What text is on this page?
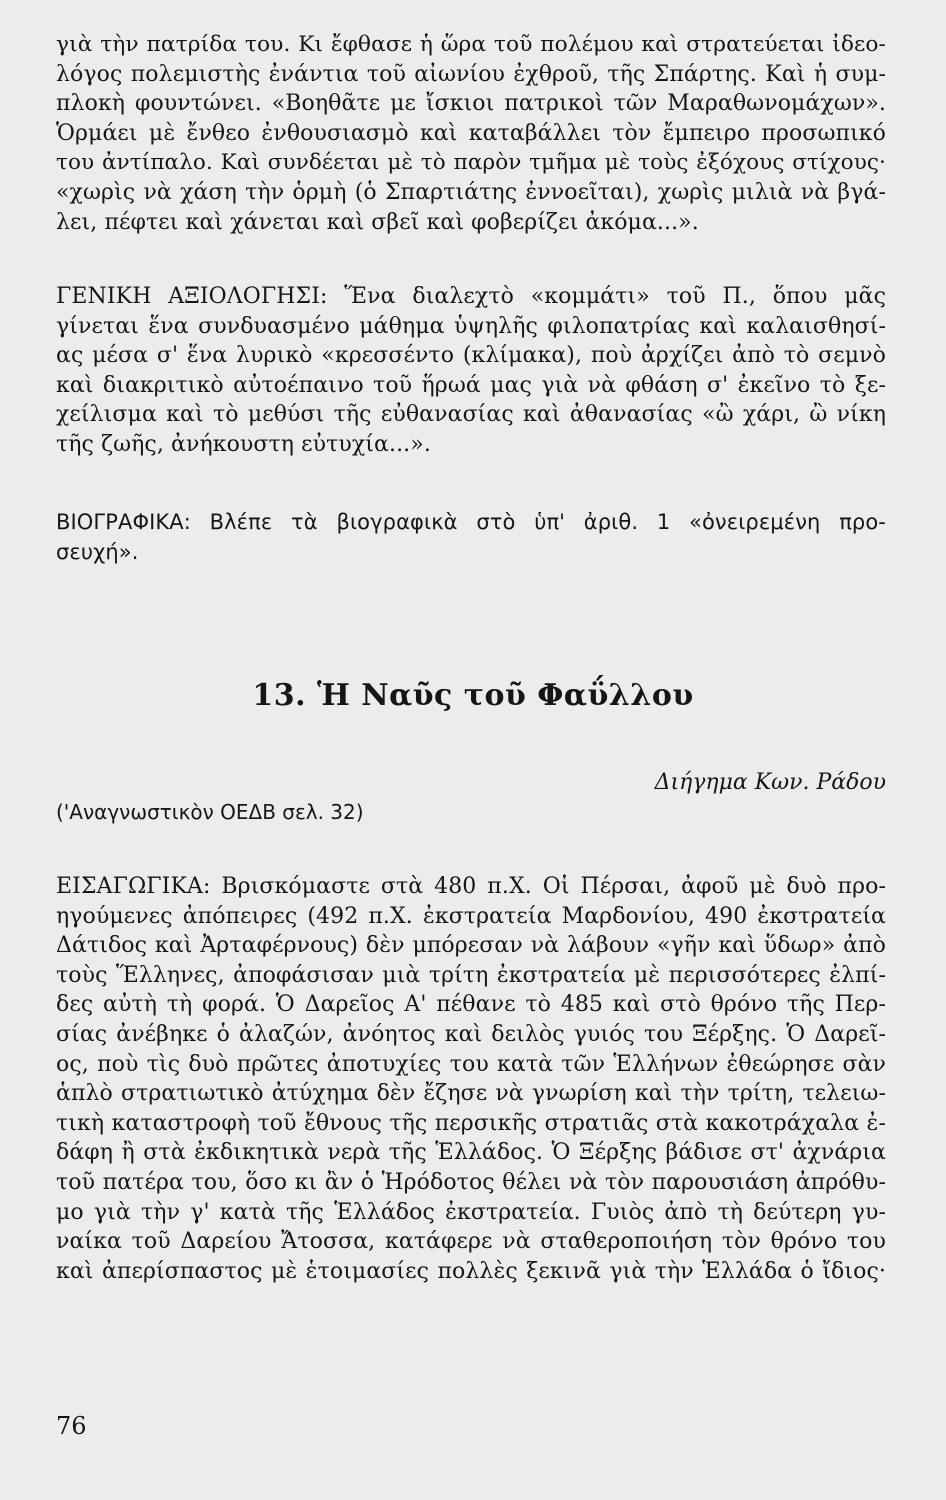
γιὰ τὴν πατρίδα του. Κι ἔφθασε ἡ ὥρα τοῦ πολέμου καὶ στρατεύεται ἰδεο-
λόγος πολεμιστὴς ἐνάντια τοῦ αἰωνίου ἐχθροῦ, τῆς Σπάρτης. Καὶ ἡ συμ-
πλοκὴ φουντώνει. «Βοηθᾶτε με ἴσκιοι πατρικοὶ τῶν Μαραθωνομάχων».
Ὁρμάει μὲ ἔνθεο ἐνθουσιασμὸ καὶ καταβάλλει τὸν ἔμπειρο προσωπικό
του ἀντίπαλο. Καὶ συνδέεται μὲ τὸ παρὸν τμῆμα μὲ τοὺς ἐξόχους στίχους·
«χωρὶς νὰ χάση τὴν ὁρμὴ (ὁ Σπαρτιάτης ἐννοεῖται), χωρὶς μιλιὰ νὰ βγά-
λει, πέφτει καὶ χάνεται καὶ σβεῖ καὶ φοβερίζει ἀκόμα...».
ΓΕΝΙΚΗ ΑΞΙΟΛΟΓΗΣΙ: Ἕνα διαλεχτὸ «κομμάτι» τοῦ Π., ὅπου μᾶς
γίνεται ἕνα συνδυασμένο μάθημα ὑψηλῆς φιλοπατρίας καὶ καλαισθησί-
ας μέσα σ' ἕνα λυρικὸ «κρεσσέντο (κλίμακα), ποὺ ἀρχίζει ἀπὸ τὸ σεμνὸ
καὶ διακριτικὸ αὐτοέπαινο τοῦ ἥρωά μας γιὰ νὰ φθάση σ' ἐκεῖνο τὸ ξε-
χείλισμα καὶ τὸ μεθύσι τῆς εὐθανασίας καὶ ἀθανασίας «ὢ χάρι, ὢ νίκη
τῆς ζωῆς, ἀνήκουστη εὐτυχία...».
ΒΙΟΓΡΑΦΙΚΑ: Βλέπε τὰ βιογραφικὰ στὸ ὑπ' ἀριθ. 1 «ὀνειρεμένη προ-
σευχή».
13. Ἡ Ναῦς τοῦ Φαΰλλου
Διήγημα Κων. Ράδου
('Αναγνωστικὸν ΟΕΔΒ σελ. 32)
ΕΙΣΑΓΩΓΙΚΑ: Βρισκόμαστε στὰ 480 π.Χ. Οἱ Πέρσαι, ἀφοῦ μὲ δυὸ προ-
ηγούμενες ἀπόπειρες (492 π.Χ. ἐκστρατεία Μαρδονίου, 490 ἐκστρατεία
Δάτιδος καὶ Ἀρταφέρνους) δὲν μπόρεσαν νὰ λάβουν «γῆν καὶ ὕδωρ» ἀπὸ
τοὺς Ἕλληνες, ἀποφάσισαν μιὰ τρίτη ἐκστρατεία μὲ περισσότερες ἐλπί-
δες αὐτὴ τὴ φορά. Ὁ Δαρεῖος Α' πέθανε τὸ 485 καὶ στὸ θρόνο τῆς Περ-
σίας ἀνέβηκε ὁ ἀλαζών, ἀνόητος καὶ δειλὸς γυιός του Ξέρξης. Ὁ Δαρεῖ-
ος, ποὺ τὶς δυὸ πρῶτες ἀποτυχίες του κατὰ τῶν Ἑλλήνων ἐθεώρησε σὰν
ἁπλὸ στρατιωτικὸ ἀτύχημα δὲν ἔζησε νὰ γνωρίση καὶ τὴν τρίτη, τελειω-
τικὴ καταστροφὴ τοῦ ἔθνους τῆς περσικῆς στρατιᾶς στὰ κακοτράχαλα ἐ-
δάφη ἢ στὰ ἐκδικητικὰ νερὰ τῆς Ἑλλάδος. Ὁ Ξέρξης βάδισε στ' ἀχνάρια
τοῦ πατέρα του, ὅσο κι ἂν ὁ Ἡρόδοτος θέλει νὰ τὸν παρουσιάση ἀπρόθυ-
μο γιὰ τὴν γ' κατὰ τῆς Ἑλλάδος ἐκστρατεία. Γυιὸς ἀπὸ τὴ δεύτερη γυ-
ναίκα τοῦ Δαρείου Ἄτοσσα, κατάφερε νὰ σταθεροποιήση τὸν θρόνο του
καὶ ἀπερίσπαστος μὲ ἑτοιμασίες πολλὲς ξεκινᾶ γιὰ τὴν Ἑλλάδα ὁ ἴδιος·
76
